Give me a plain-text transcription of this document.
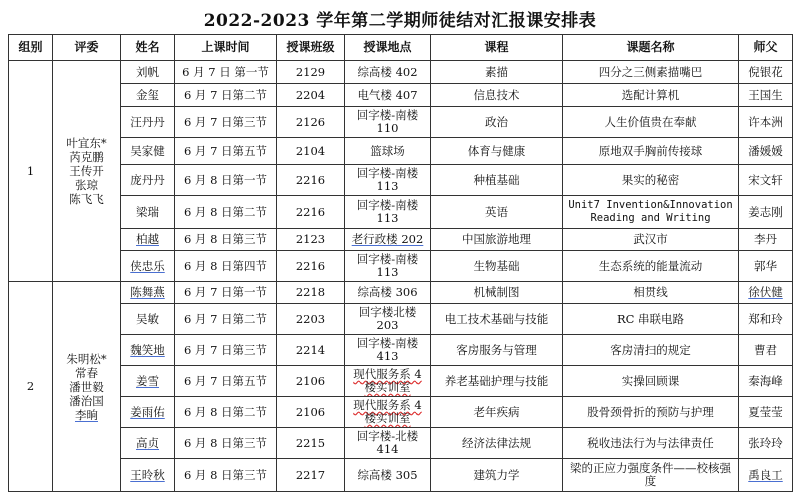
2022-2023 学年第二学期师徒结对汇报课安排表
组别	评委	姓名	上课时间	授课班级	授课地点	课程	课题名称	师父
1	叶宜东*
芮克鹏
王传开
张琼
陈飞飞	刘帆	6 月 7 日 第一节	2129	综高楼 402	素描	四分之三侧素描嘴巴	倪银花
		金玺	6 月 7 日第二节	2204	电气楼 407	信息技术	选配计算机	王国生
		汪丹丹	6 月 7 日第三节	2126	回字楼-南楼 110	政治	人生价值贵在奉献	许本洲
		吴家健	6 月 7 日第五节	2104	篮球场	体育与健康	原地双手胸前传接球	潘媛媛
		庞丹丹	6 月 8 日第一节	2216	回字楼-南楼 113	种植基础	果实的秘密	宋文轩
		梁瑞	6 月 8 日第二节	2216	回字楼-南楼 113	英语	Unit7 Invention&Innovation Reading and Writing	姜志刚
		柏越	6 月 8 日第三节	2123	老行政楼 202	中国旅游地理	武汉市	李丹
		侠忠乐	6 月 8 日第四节	2216	回字楼-南楼 113	生物基础	生态系统的能量流动	郭华
2	朱明松*
常春
潘世毅
潘治国
李晌	陈舞燕	6 月 7 日第一节	2218	综高楼 306	机械制图	相贯线	徐伏健
		吴敏	6 月 7 日第二节	2203	回字楼北楼 203	电工技术基础与技能	RC 串联电路	郑和玲
		魏笑地	6 月 7 日第三节	2214	回字楼-南楼 413	客房服务与管理	客房清扫的规定	曹君
		姜雪	6 月 7 日第五节	2106	现代服务系 4 楼实训室	养老基础护理与技能	实操回顾课	秦海峰
		姜雨佑	6 月 8 日第二节	2106	现代服务系 4 楼实训室	老年疾病	股骨颈骨折的预防与护理	夏莹莹
		高贞	6 月 8 日第三节	2215	回字楼-北楼 414	经济法律法规	税收违法行为与法律责任	张玲玲
		王昤秋	6 月 8 日第三节	2217	综高楼 305	建筑力学	梁的正应力强度条件——校核强度	禹良工
